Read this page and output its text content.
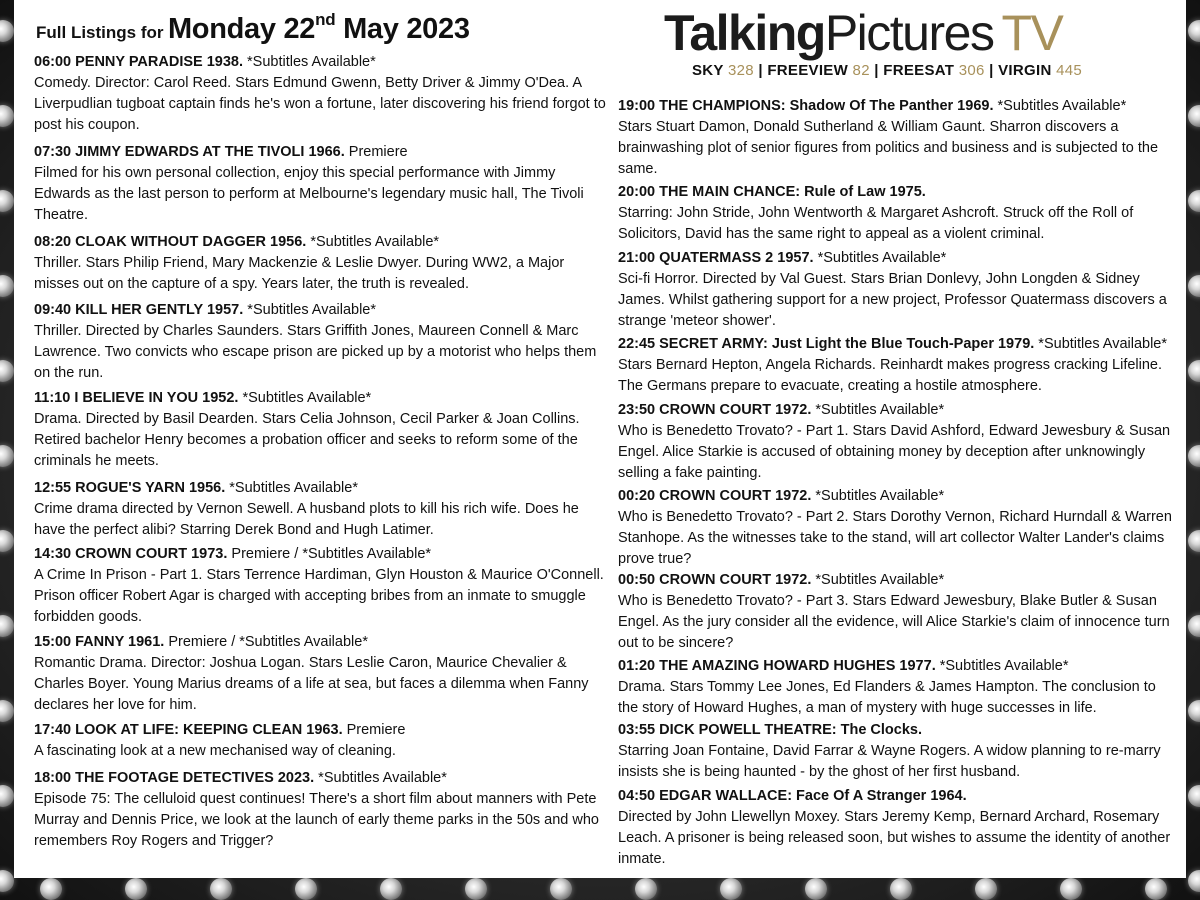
Full Listings for Monday 22nd May 2023	TalkingPictures TV
SKY 328 | FREEVIEW 82 | FREESAT 306 | VIRGIN 445
06:00 PENNY PARADISE 1938. *Subtitles Available*
Comedy. Director: Carol Reed. Stars Edmund Gwenn, Betty Driver & Jimmy O'Dea. A Liverpudlian tugboat captain finds he's won a fortune, later discovering his friend forgot to post his coupon.
07:30 JIMMY EDWARDS AT THE TIVOLI 1966. Premiere
Filmed for his own personal collection, enjoy this special performance with Jimmy Edwards as the last person to perform at Melbourne's legendary music hall, The Tivoli Theatre.
08:20 CLOAK WITHOUT DAGGER 1956. *Subtitles Available*
Thriller. Stars Philip Friend, Mary Mackenzie & Leslie Dwyer. During WW2, a Major misses out on the capture of a spy. Years later, the truth is revealed.
09:40 KILL HER GENTLY 1957. *Subtitles Available*
Thriller. Directed by Charles Saunders. Stars Griffith Jones, Maureen Connell & Marc Lawrence. Two convicts who escape prison are picked up by a motorist who helps them on the run.
11:10 I BELIEVE IN YOU 1952. *Subtitles Available*
Drama. Directed by Basil Dearden. Stars Celia Johnson, Cecil Parker & Joan Collins. Retired bachelor Henry becomes a probation officer and seeks to reform some of the criminals he meets.
12:55 ROGUE'S YARN 1956. *Subtitles Available*
Crime drama directed by Vernon Sewell. A husband plots to kill his rich wife. Does he have the perfect alibi? Starring Derek Bond and Hugh Latimer.
14:30 CROWN COURT 1973. Premiere / *Subtitles Available*
A Crime In Prison - Part 1. Stars Terrence Hardiman, Glyn Houston & Maurice O'Connell. Prison officer Robert Agar is charged with accepting bribes from an inmate to smuggle forbidden goods.
15:00 FANNY 1961. Premiere / *Subtitles Available*
Romantic Drama. Director: Joshua Logan. Stars Leslie Caron, Maurice Chevalier & Charles Boyer. Young Marius dreams of a life at sea, but faces a dilemma when Fanny declares her love for him.
17:40 LOOK AT LIFE: KEEPING CLEAN 1963. Premiere
A fascinating look at a new mechanised way of cleaning.
18:00 THE FOOTAGE DETECTIVES 2023. *Subtitles Available*
Episode 75: The celluloid quest continues! There's a short film about manners with Pete Murray and Dennis Price, we look at the launch of early theme parks in the 50s and who remembers Roy Rogers and Trigger?
19:00 THE CHAMPIONS: Shadow Of The Panther 1969. *Subtitles Available*
Stars Stuart Damon, Donald Sutherland & William Gaunt. Sharron discovers a brainwashing plot of senior figures from politics and business and is subjected to the same.
20:00 THE MAIN CHANCE: Rule of Law 1975.
Starring: John Stride, John Wentworth & Margaret Ashcroft. Struck off the Roll of Solicitors, David has the same right to appeal as a violent criminal.
21:00 QUATERMASS 2 1957. *Subtitles Available*
Sci-fi Horror. Directed by Val Guest. Stars Brian Donlevy, John Longden & Sidney James. Whilst gathering support for a new project, Professor Quatermass discovers a strange 'meteor shower'.
22:45 SECRET ARMY: Just Light the Blue Touch-Paper 1979. *Subtitles Available*
Stars Bernard Hepton, Angela Richards. Reinhardt makes progress cracking Lifeline. The Germans prepare to evacuate, creating a hostile atmosphere.
23:50 CROWN COURT 1972. *Subtitles Available*
Who is Benedetto Trovato? - Part 1. Stars David Ashford, Edward Jewesbury & Susan Engel. Alice Starkie is accused of obtaining money by deception after unknowingly selling a fake painting.
00:20 CROWN COURT 1972. *Subtitles Available*
Who is Benedetto Trovato? - Part 2. Stars Dorothy Vernon, Richard Hurndall & Warren Stanhope. As the witnesses take to the stand, will art collector Walter Lander's claims prove true?
00:50 CROWN COURT 1972. *Subtitles Available*
Who is Benedetto Trovato? - Part 3. Stars Edward Jewesbury, Blake Butler & Susan Engel. As the jury consider all the evidence, will Alice Starkie's claim of innocence turn out to be sincere?
01:20 THE AMAZING HOWARD HUGHES 1977. *Subtitles Available*
Drama. Stars Tommy Lee Jones, Ed Flanders & James Hampton. The conclusion to the story of Howard Hughes, a man of mystery with huge successes in life.
03:55 DICK POWELL THEATRE: The Clocks.
Starring Joan Fontaine, David Farrar & Wayne Rogers. A widow planning to re-marry insists she is being haunted - by the ghost of her first husband.
04:50 EDGAR WALLACE: Face Of A Stranger 1964.
Directed by John Llewellyn Moxey. Stars Jeremy Kemp, Bernard Archard, Rosemary Leach. A prisoner is being released soon, but wishes to assume the identity of another inmate.
